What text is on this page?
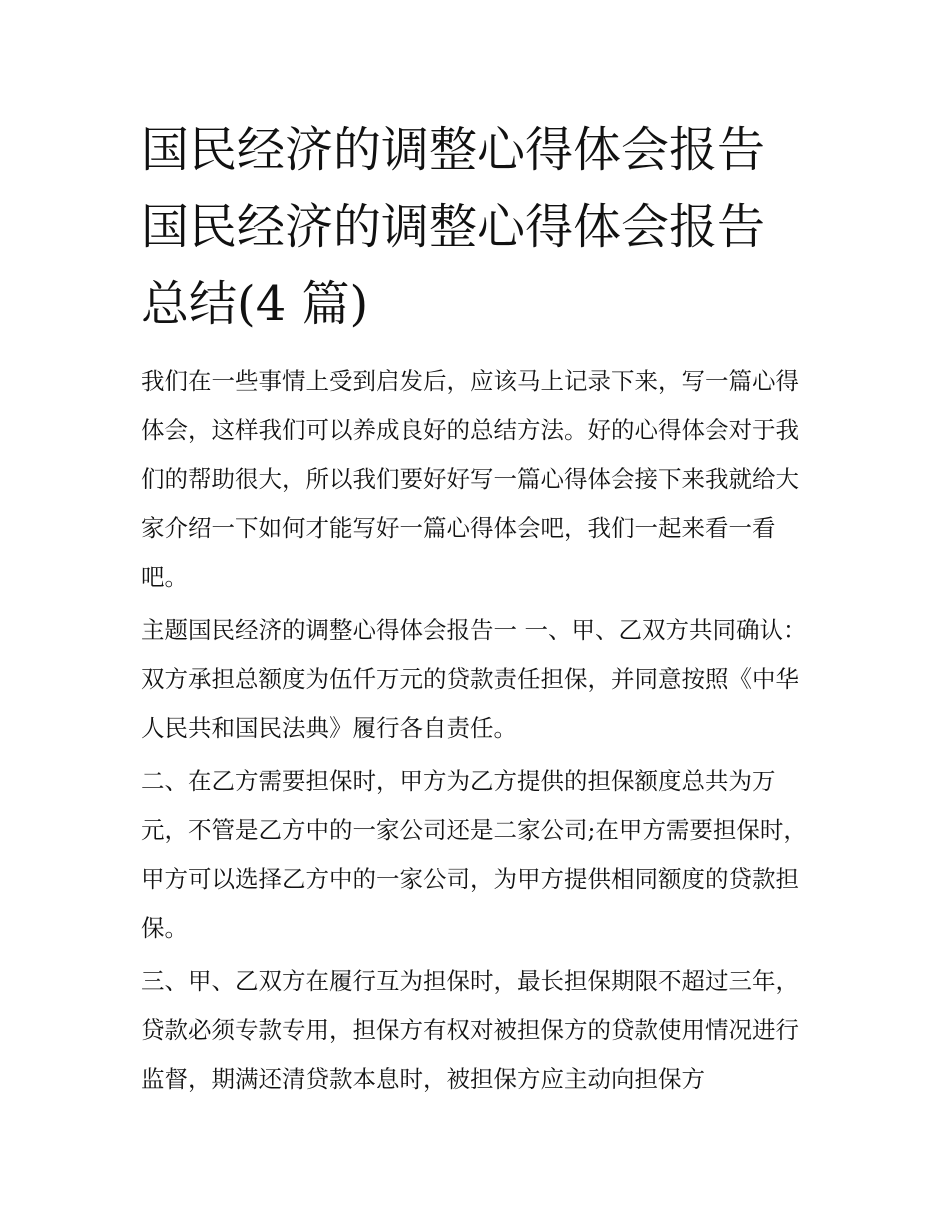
国民经济的调整心得体会报告
国民经济的调整心得体会报告
总结(4 篇)

我们在一些事情上受到启发后，应该马上记录下来，写一篇心得体会，这样我们可以养成良好的总结方法。好的心得体会对于我们的帮助很大，所以我们要好好写一篇心得体会接下来我就给大家介绍一下如何才能写好一篇心得体会吧，我们一起来看一看吧。

主题国民经济的调整心得体会报告一 一、甲、乙双方共同确认：双方承担总额度为伍仟万元的贷款责任担保，并同意按照《中华人民共和国民法典》履行各自责任。

二、在乙方需要担保时，甲方为乙方提供的担保额度总共为万元，不管是乙方中的一家公司还是二家公司;在甲方需要担保时，甲方可以选择乙方中的一家公司，为甲方提供相同额度的贷款担保。

三、甲、乙双方在履行互为担保时，最长担保期限不超过三年，贷款必须专款专用，担保方有权对被担保方的贷款使用情况进行监督，期满还清贷款本息时，被担保方应主动向担保方
